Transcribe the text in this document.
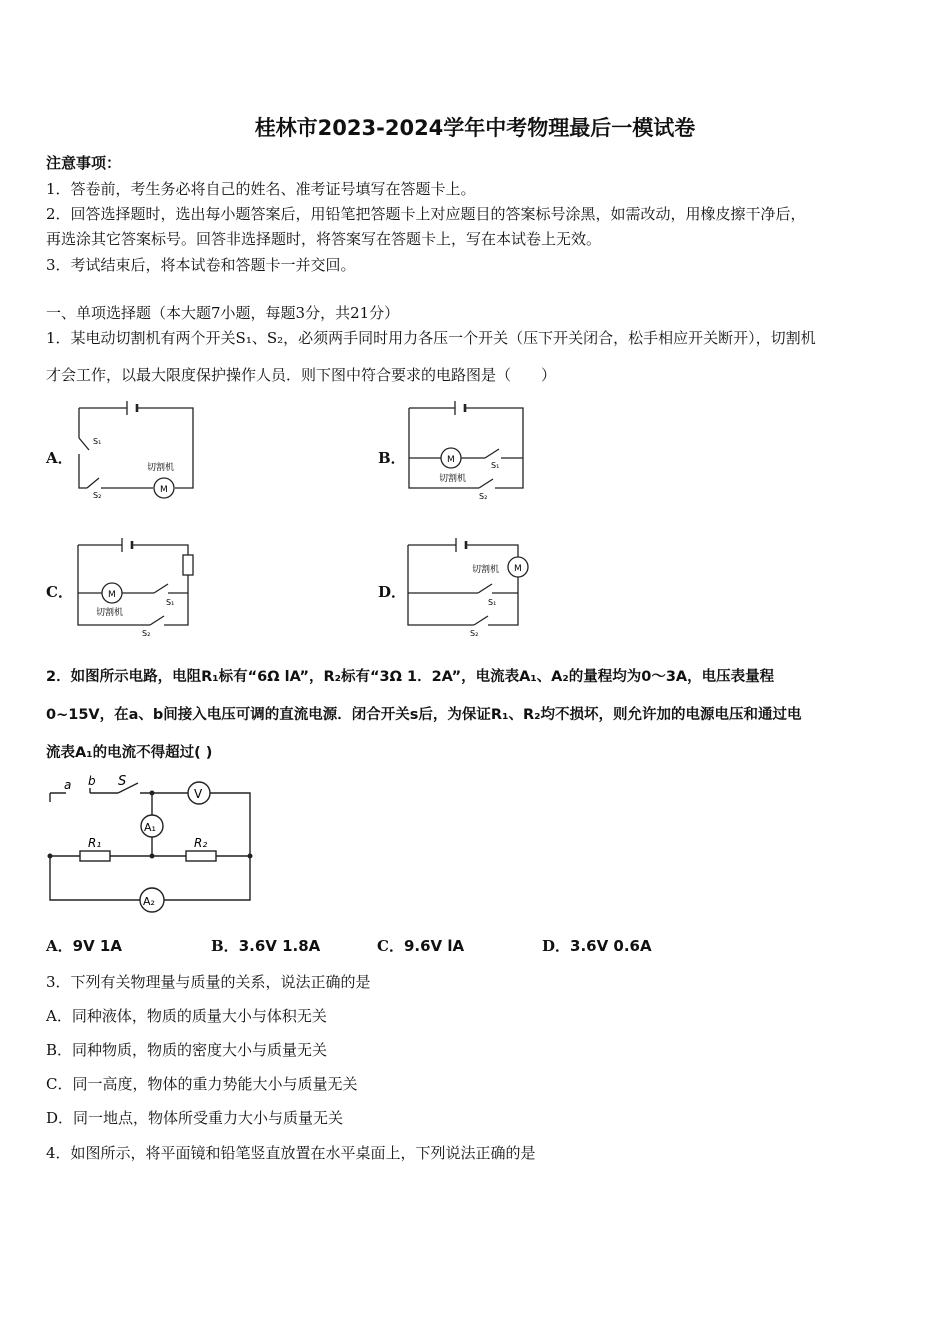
桂林市2023-2024学年中考物理最后一模试卷
注意事项：
1．答卷前，考生务必将自己的姓名、准考证号填写在答题卡上。
2．回答选择题时，选出每小题答案后，用铅笔把答题卡上对应题目的答案标号涂黑，如需改动，用橡皮擦干净后，
再选涂其它答案标号。回答非选择题时，将答案写在答题卡上，写在本试卷上无效。
3．考试结束后，将本试卷和答题卡一并交回。
一、单项选择题（本大题7小题，每题3分，共21分）
1．某电动切割机有两个开关S₁、S₂，必须两手同时用力各压一个开关（压下开关闭合，松手相应开关断开），切割机
才会工作，以最大限度保护操作人员．则下图中符合要求的电路图是（　　）
A．	B．
C．	D．
S₁
S₂
切割机
M
M
切割机
S₁
S₂
M
切割机
S₁
S₂
M
切割机
S₁
S₂
2．如图所示电路，电阻R₁标有“6Ω lA”，R₂标有“3Ω 1．2A”，电流表A₁、A₂的量程均为0～3A，电压表量程
0~15V，在a、b间接入电压可调的直流电源．闭合开关s后，为保证R₁、R₂均不损坏，则允许加的电源电压和通过电
流表A₁的电流不得超过( )
a b S
V
A₁
A₂
R₁	R₂
A．9V 1A	B．3.6V 1.8A	C．9.6V lA	D．3.6V 0.6A
3．下列有关物理量与质量的关系，说法正确的是
A．同种液体，物质的质量大小与体积无关
B．同种物质，物质的密度大小与质量无关
C．同一高度，物体的重力势能大小与质量无关
D．同一地点，物体所受重力大小与质量无关
4．如图所示，将平面镜和铅笔竖直放置在水平桌面上，下列说法正确的是
